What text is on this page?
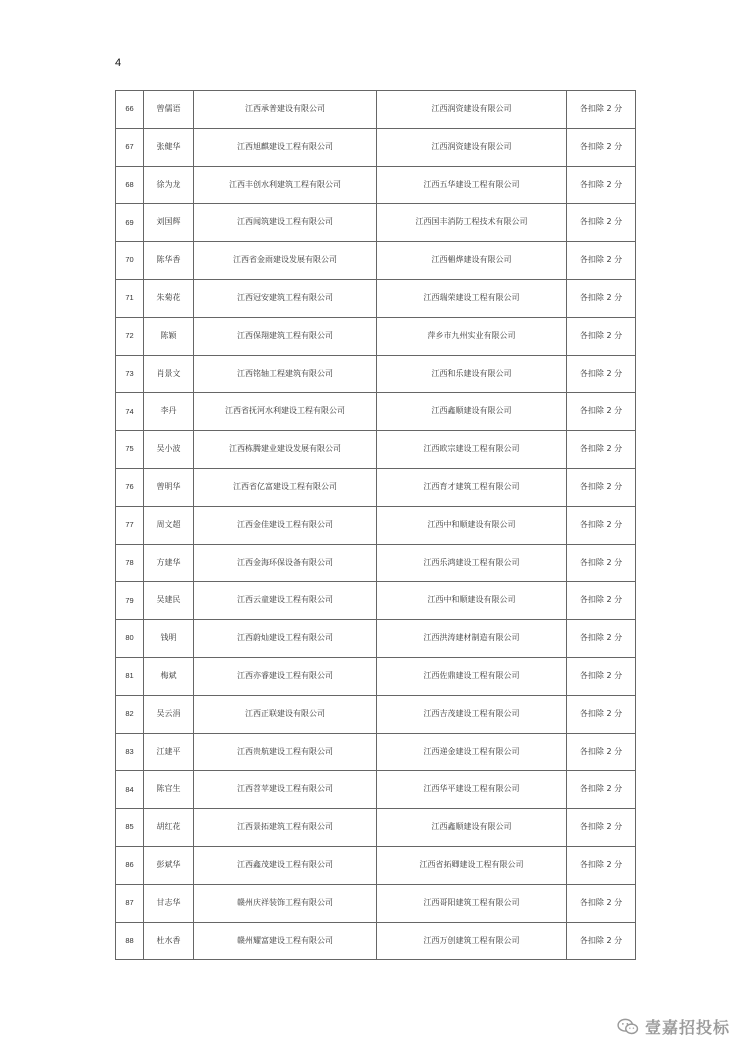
4
66	曾儒语	江西承普建设有限公司	江西润资建设有限公司	各扣除 2 分
67	张健华	江西旭麒建设工程有限公司	江西润资建设有限公司	各扣除 2 分
68	徐为龙	江西丰创水利建筑工程有限公司	江西五华建设工程有限公司	各扣除 2 分
69	刘国辉	江西闻筑建设工程有限公司	江西国丰消防工程技术有限公司	各扣除 2 分
70	陈华香	江西省金雨建设发展有限公司	江西楣烨建设有限公司	各扣除 2 分
71	朱菊花	江西冠安建筑工程有限公司	江西瑞荣建设工程有限公司	各扣除 2 分
72	陈颖	江西保翔建筑工程有限公司	萍乡市九州实业有限公司	各扣除 2 分
73	肖景文	江西铭轴工程建筑有限公司	江西和乐建设有限公司	各扣除 2 分
74	李丹	江西省抚河水利建设工程有限公司	江西鑫顺建设有限公司	各扣除 2 分
75	吴小波	江西栋腾建业建设发展有限公司	江西欧宗建设工程有限公司	各扣除 2 分
76	曾明华	江西省亿富建设工程有限公司	江西育才建筑工程有限公司	各扣除 2 分
77	周文超	江西金佳建设工程有限公司	江西中和顺建设有限公司	各扣除 2 分
78	方建华	江西金海环保设备有限公司	江西乐鸿建设工程有限公司	各扣除 2 分
79	吴建民	江西云童建设工程有限公司	江西中和顺建设有限公司	各扣除 2 分
80	钱明	江西蔚灿建设工程有限公司	江西洪涛建材制造有限公司	各扣除 2 分
81	梅斌	江西亦睿建设工程有限公司	江西佐鼎建设工程有限公司	各扣除 2 分
82	吴云涓	江西正联建设有限公司	江西吉茂建设工程有限公司	各扣除 2 分
83	江建平	江西贵航建设工程有限公司	江西递金建设工程有限公司	各扣除 2 分
84	陈官生	江西苕苹建设工程有限公司	江西华平建设工程有限公司	各扣除 2 分
85	胡红花	江西景拓建筑工程有限公司	江西鑫顺建设有限公司	各扣除 2 分
86	彭斌华	江西鑫茂建设工程有限公司	江西省拓卿建设工程有限公司	各扣除 2 分
87	甘志华	赣州庆祥装饰工程有限公司	江西哥阳建筑工程有限公司	各扣除 2 分
88	杜水香	赣州耀富建设工程有限公司	江西万创建筑工程有限公司	各扣除 2 分
壹嘉招投标
